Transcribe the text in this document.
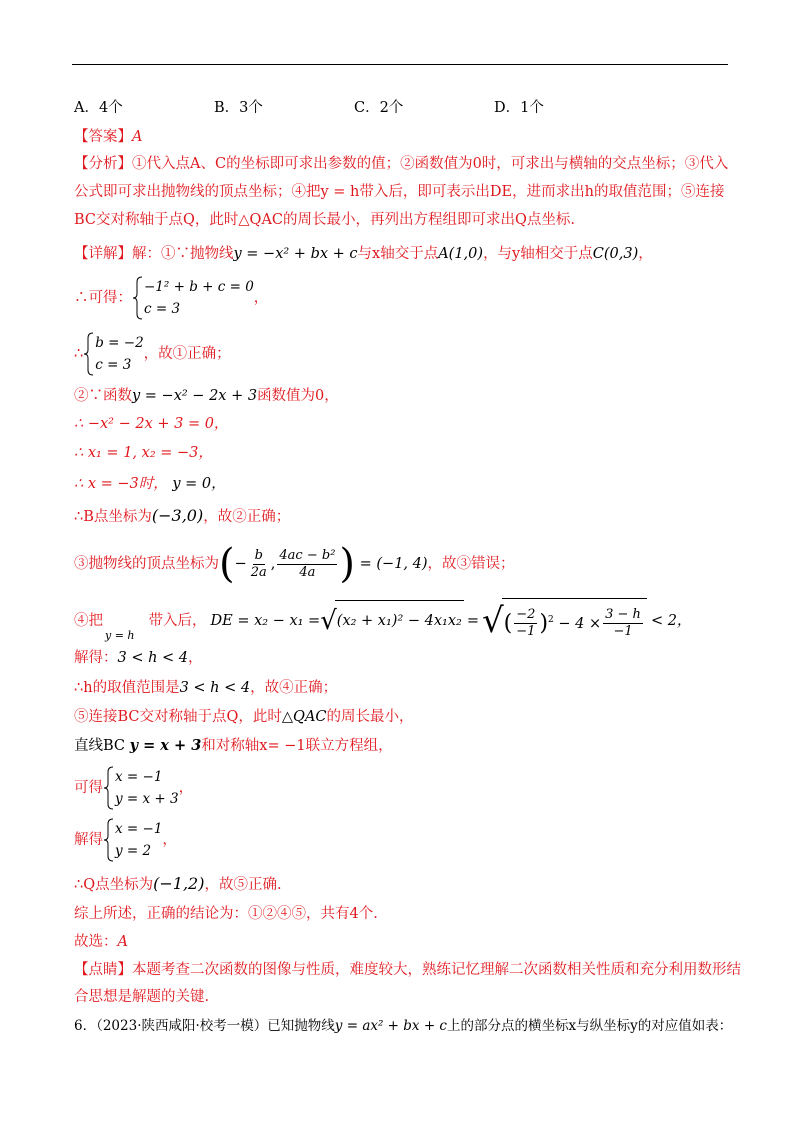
A．4个	B．3个	C．2个	D．1个
【答案】A
【分析】①代入点A、C的坐标即可求出参数的值；②函数值为0时，可求出与横轴的交点坐标；③代入
公式即可求出抛物线的顶点坐标；④把y = h带入后，即可表示出DE，进而求出h的取值范围；⑤连接
BC交对称轴于点Q，此时△QAC的周长最小，再列出方程组即可求出Q点坐标.
【详解】解：①∵抛物线y = −x² + bx + c与x轴交于点A(1,0)，与y轴相交于点C(0,3)，
∴可得：
−1² + b + c = 0
c = 3，
∴
b = −2
c = 3，故①正确；
②∵函数y = −x² − 2x + 3函数值为0，
∴ −x² − 2x + 3 = 0，
∴ x₁ = 1, x₂ = −3，
∴ x = −3时， y = 0，
∴B点坐标为(−3,0)，故②正确；
③抛物线的顶点坐标为(− $\frac{b}{2a}$ , $\frac{\text{4ac − b²}}{4a}$ ) = (−1, 4)，故③错误；
④把$_{y = h}$带入后， DE = x₂ − x₁ =√(x₂ + x₁)² − 4x₁x₂ =√( $\frac{-2}{-1} )^2 - 4 \times \frac{3 - h}{-1} < 2$，
解得：3 < h < 4，
∴h的取值范围是3 < h < 4，故④正确；
⑤连接BC交对称轴于点Q，此时△QAC的周长最小，
直线BC y = x + 3和对称轴x= −1联立方程组，
可得
x = −1
y = x + 3，
解得
x = −1
y = 2，
∴Q点坐标为(−1,2)，故⑤正确.
综上所述，正确的结论为：①②④⑤，共有4个.
故选：A
【点睛】本题考查二次函数的图像与性质，难度较大，熟练记忆理解二次函数相关性质和充分利用数形结
合思想是解题的关键.
6．（2023·陕西咸阳·校考一模）已知抛物线y = ax² + bx + c上的部分点的横坐标x与纵坐标y的对应值如表：
